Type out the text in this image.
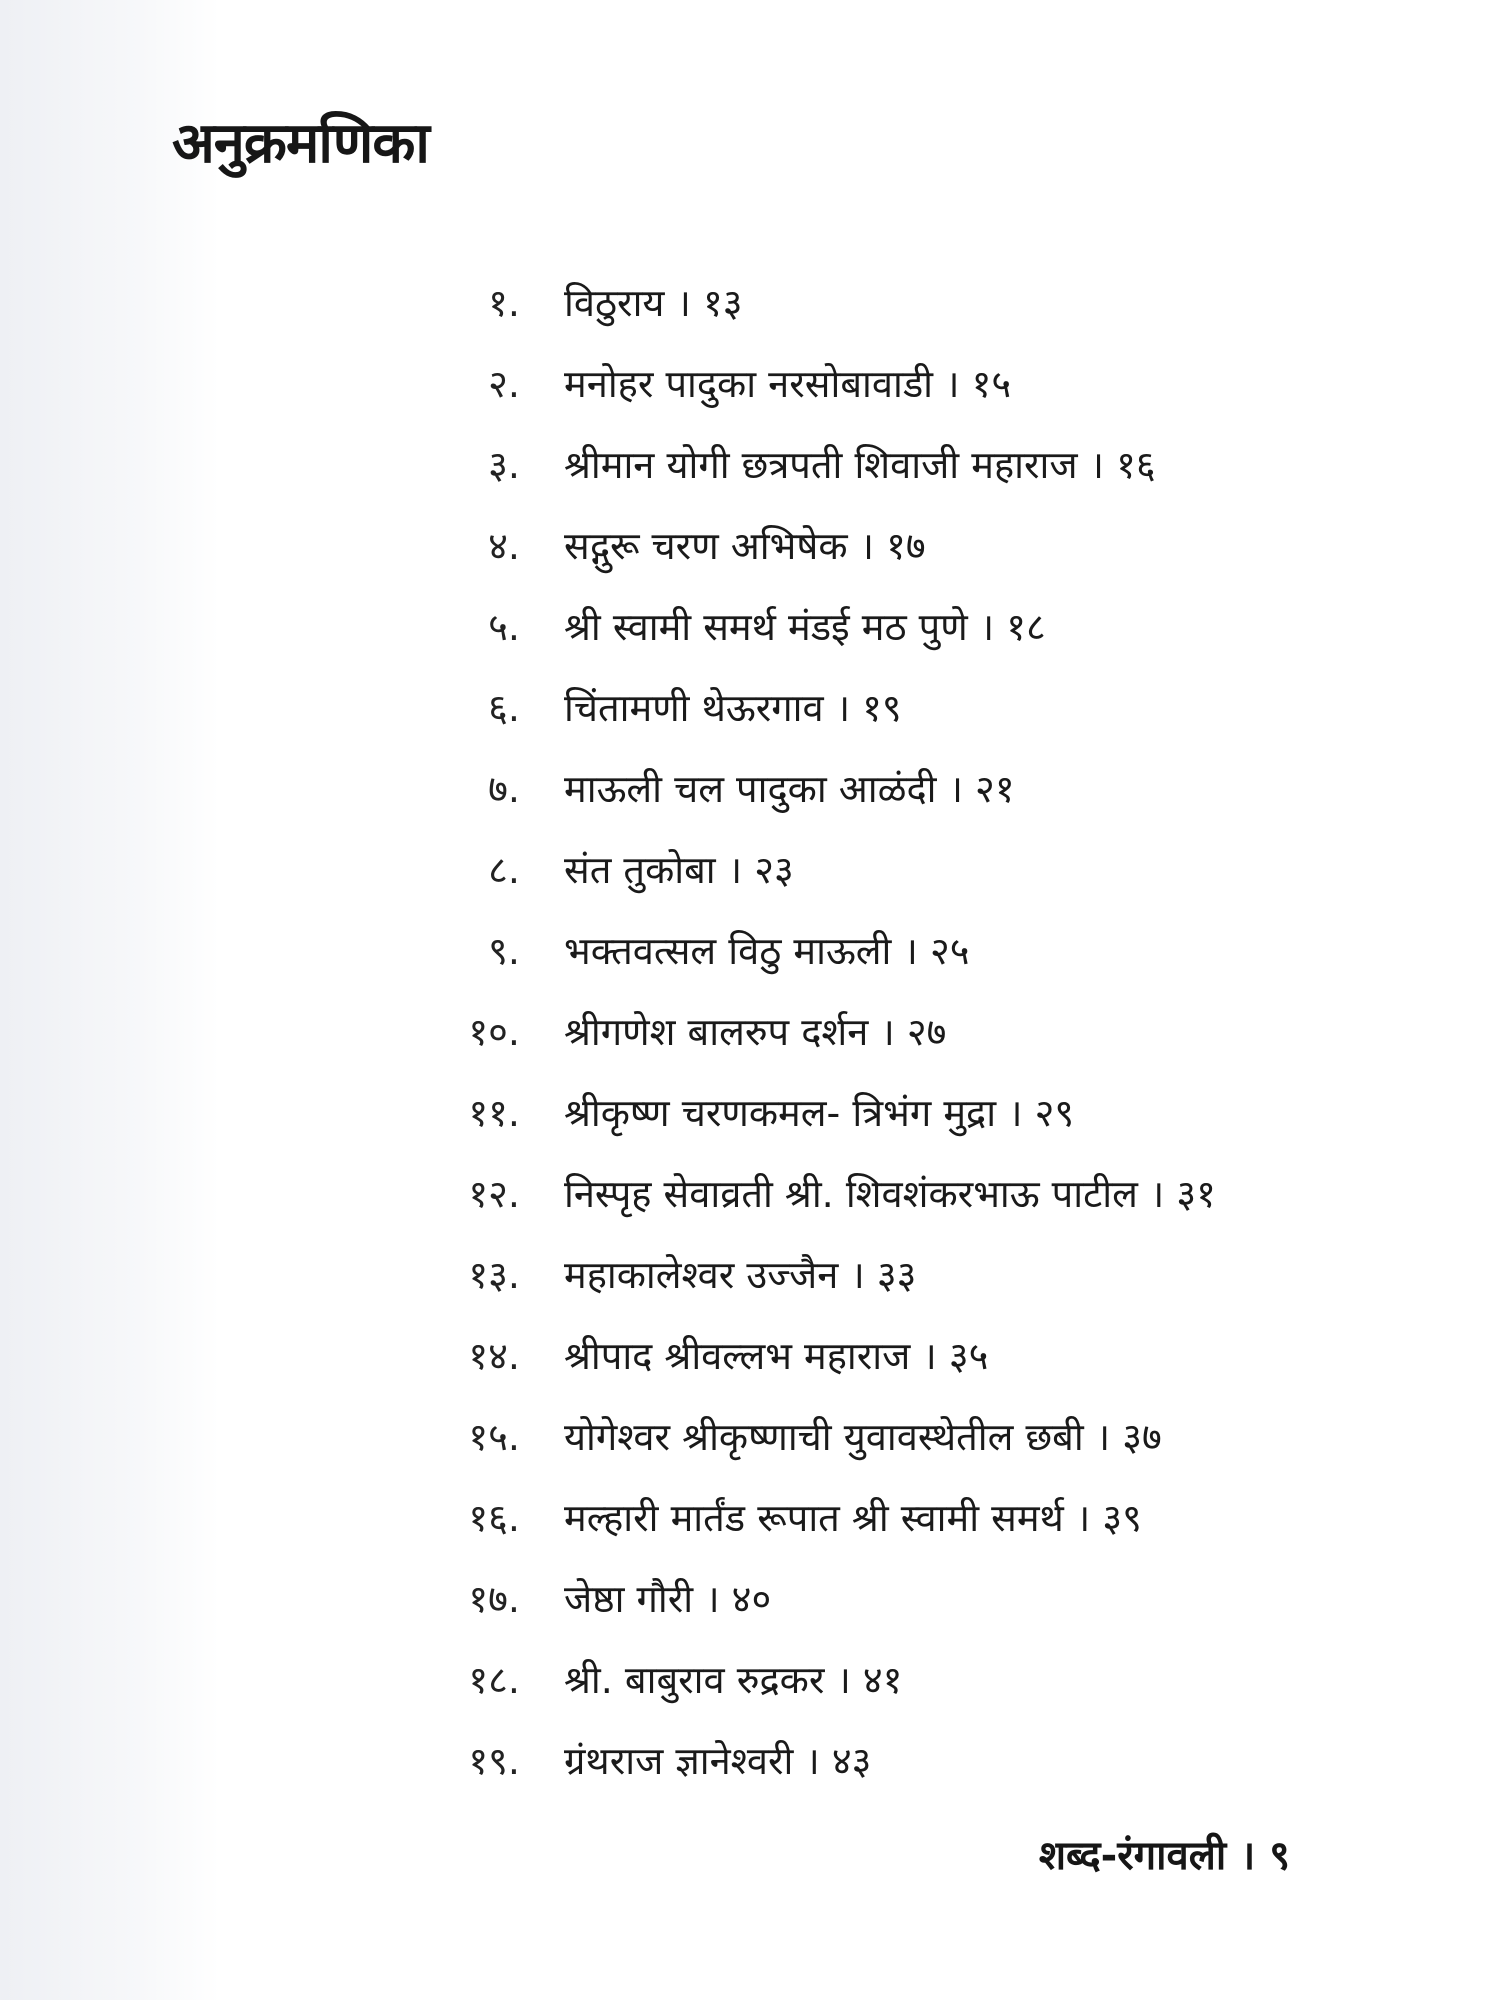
अनुक्रमणिका
१. विठुराय । १३
२. मनोहर पादुका नरसोबावाडी । १५
३. श्रीमान योगी छत्रपती शिवाजी महाराज । १६
४. सद्गुरू चरण अभिषेक । १७
५. श्री स्वामी समर्थ मंडई मठ पुणे । १८
६. चिंतामणी थेऊरगाव । १९
७. माऊली चल पादुका आळंदी । २१
८. संत तुकोबा । २३
९. भक्तवत्सल विठु माऊली । २५
१०. श्रीगणेश बालरुप दर्शन । २७
११. श्रीकृष्ण चरणकमल- त्रिभंग मुद्रा । २९
१२. निस्पृह सेवाव्रती श्री. शिवशंकरभाऊ पाटील । ३१
१३. महाकालेश्वर उज्जैन । ३३
१४. श्रीपाद श्रीवल्लभ महाराज । ३५
१५. योगेश्वर श्रीकृष्णाची युवावस्थेतील छबी । ३७
१६. मल्हारी मार्तंड रूपात श्री स्वामी समर्थ । ३९
१७. जेष्ठा गौरी । ४०
१८. श्री. बाबुराव रुद्रकर । ४१
१९. ग्रंथराज ज्ञानेश्वरी । ४३
शब्द-रंगावली । ९
